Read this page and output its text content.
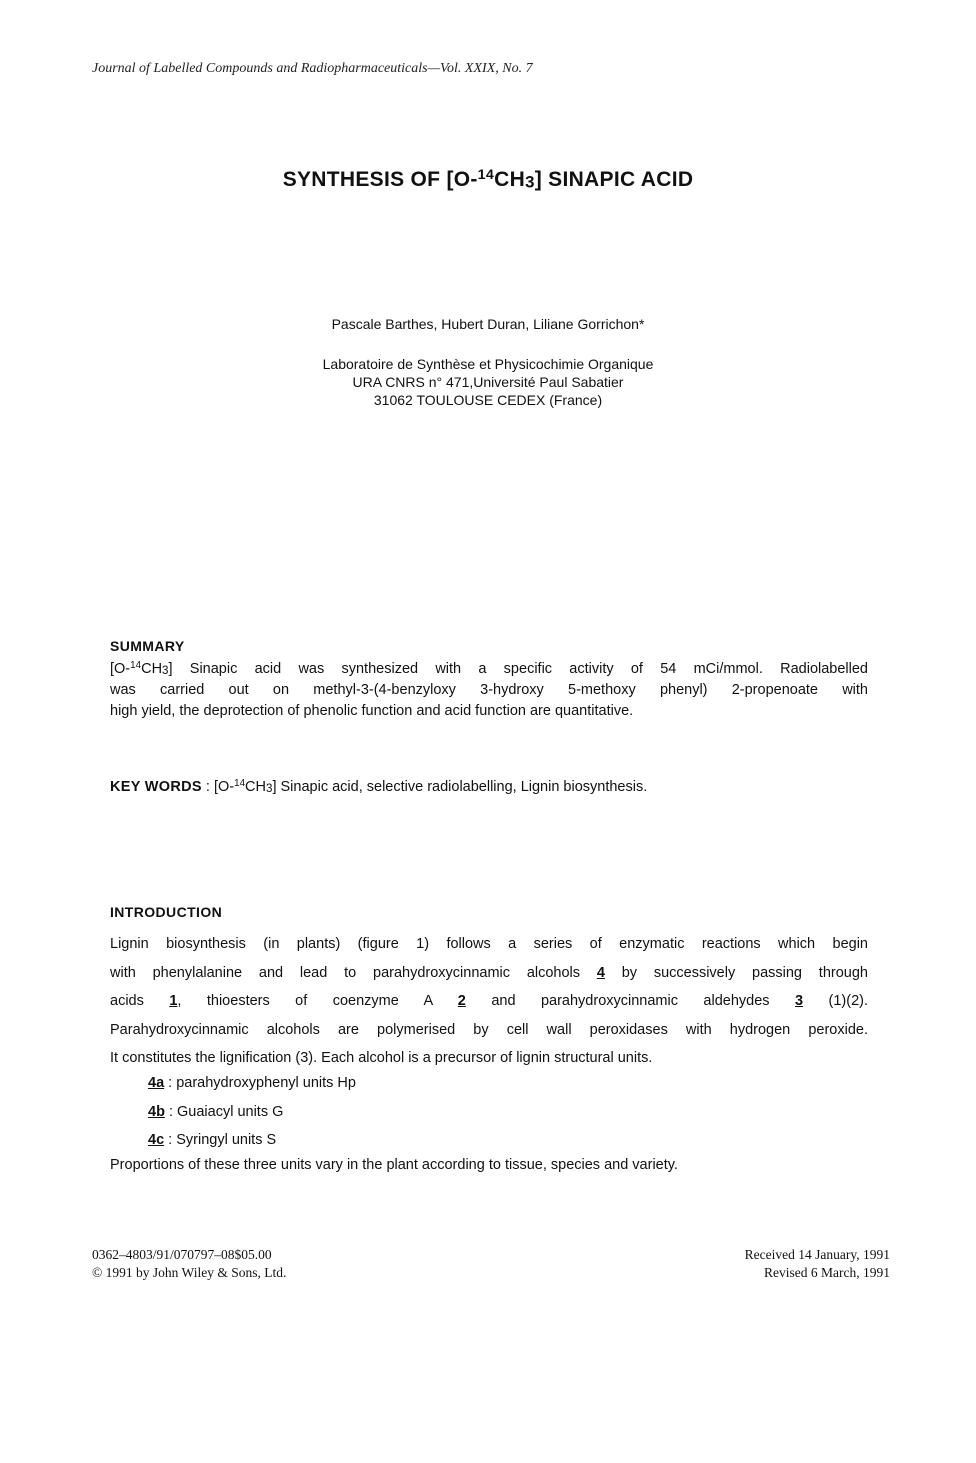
Journal of Labelled Compounds and Radiopharmaceuticals—Vol. XXIX, No. 7
SYNTHESIS OF $[O-^{14}CH_3]$ SINAPIC ACID
Pascale Barthes, Hubert Duran, Liliane Gorrichon*
Laboratoire de Synthèse et Physicochimie Organique
URA CNRS n° 471,Université Paul Sabatier
31062 TOULOUSE CEDEX (France)
SUMMARY
$[O-^{14}CH_3]$ Sinapic acid was synthesized with a specific activity of 54 mCi/mmol. Radiolabelled
was carried out on methyl-3-(4-benzyloxy 3-hydroxy 5-methoxy phenyl) 2-propenoate with
high yield, the deprotection of phenolic function and acid function are quantitative.
KEY WORDS : $[O-^{14}CH_3]$ Sinapic acid, selective radiolabelling, Lignin biosynthesis.
INTRODUCTION
Lignin biosynthesis (in plants) (figure 1) follows a series of enzymatic reactions which begin
with phenylalanine and lead to parahydroxycinnamic alcohols 4 by successively passing through
acids 1, thioesters of coenzyme A 2 and parahydroxycinnamic aldehydes 3 (1)(2).
Parahydroxycinnamic alcohols are polymerised by cell wall peroxidases with hydrogen peroxide.
It constitutes the lignification (3). Each alcohol is a precursor of lignin structural units.
4a : parahydroxyphenyl units Hp
4b : Guaiacyl units G
4c : Syringyl units S
Proportions of these three units vary in the plant according to tissue, species and variety.
0362–4803/91/070797–08$05.00
© 1991 by John Wiley & Sons, Ltd.
Received 14 January, 1991
Revised 6 March, 1991
